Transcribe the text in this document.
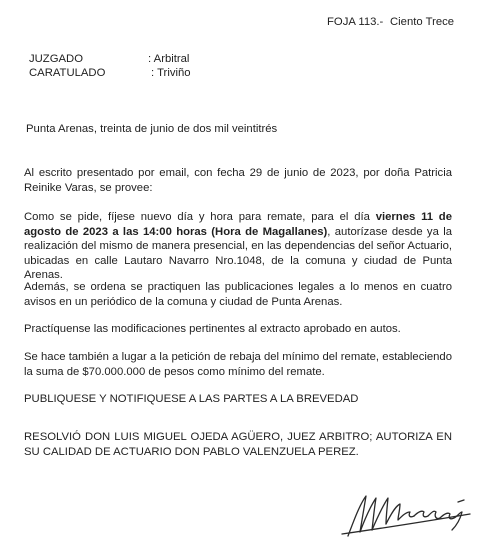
FOJA 113.- Ciento Trece
JUZGADO	: Arbitral
CARATULADO	: Triviño
Punta Arenas, treinta de junio de dos mil veintitrés
Al escrito presentado por email, con fecha 29 de junio de 2023, por doña Patricia Reinike Varas, se provee:
Como se pide, fíjese nuevo día y hora para remate, para el día viernes 11 de agosto de 2023 a las 14:00 horas (Hora de Magallanes), autorízase desde ya la realización del mismo de manera presencial, en las dependencias del señor Actuario, ubicadas en calle Lautaro Navarro Nro.1048, de la comuna y ciudad de Punta Arenas.
Además, se ordena se practiquen las publicaciones legales a lo menos en cuatro avisos en un periódico de la comuna y ciudad de Punta Arenas.
Practíquense las modificaciones pertinentes al extracto aprobado en autos.
Se hace también a lugar a la petición de rebaja del mínimo del remate, estableciendo la suma de $70.000.000 de pesos como mínimo del remate.
PUBLIQUESE Y NOTIFIQUESE A LAS PARTES A LA BREVEDAD
RESOLVIÓ DON LUIS MIGUEL OJEDA AGÜERO, JUEZ ARBITRO; AUTORIZA EN SU CALIDAD DE ACTUARIO DON PABLO VALENZUELA PEREZ.
